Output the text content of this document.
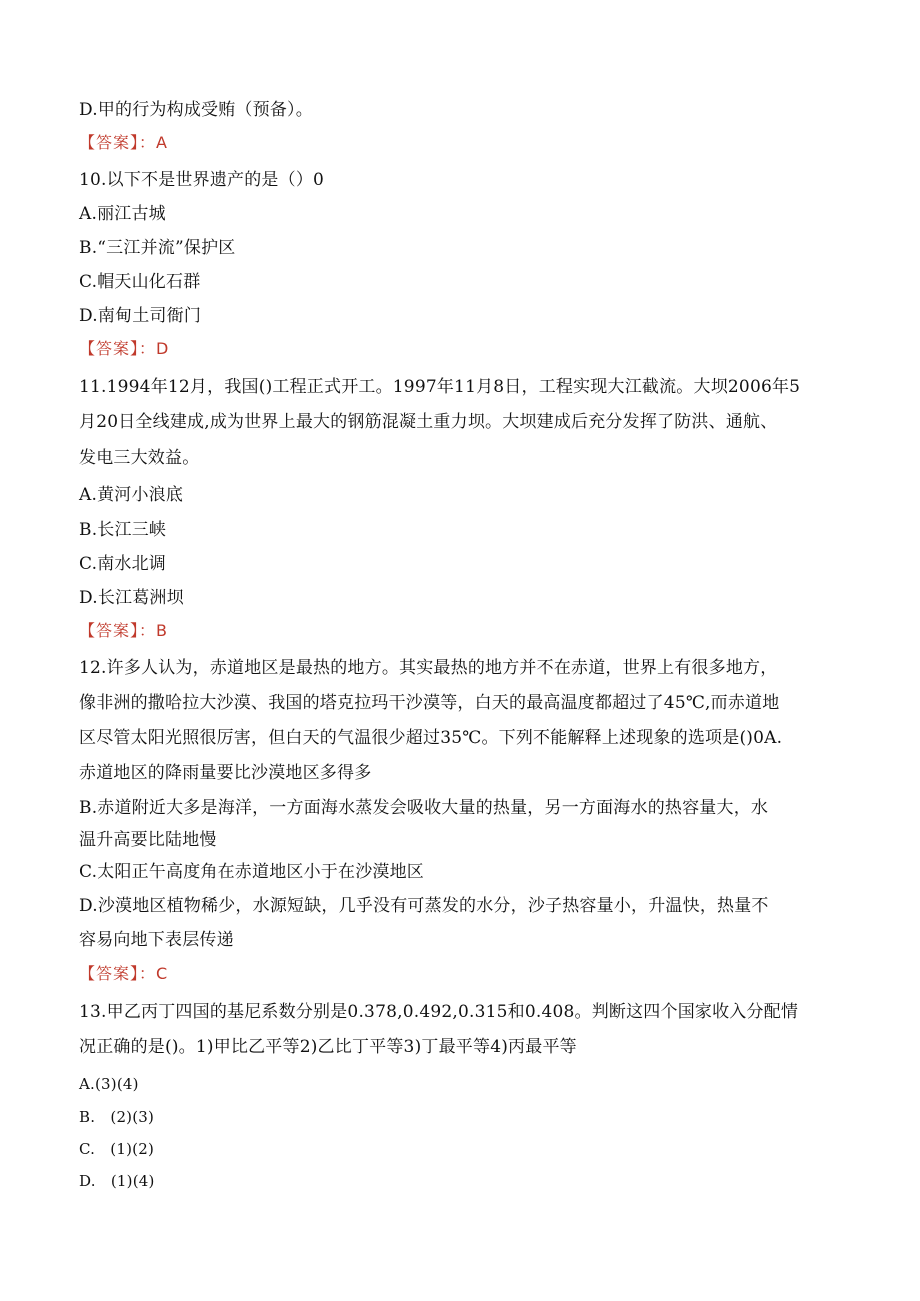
D.甲的行为构成受贿（预备）。
【答案】：A
10.以下不是世界遗产的是（）0
A.丽江古城
B.“三江并流”保护区
C.帽天山化石群
D.南甸土司衙门
【答案】：D
11.1994年12月，我国()工程正式开工。1997年11月8日，工程实现大江截流。大坝2006年5
月20日全线建成,成为世界上最大的钢筋混凝土重力坝。大坝建成后充分发挥了防洪、通航、
发电三大效益。
A.黄河小浪底
B.长江三峡
C.南水北调
D.长江葛洲坝
【答案】：B
12.许多人认为，赤道地区是最热的地方。其实最热的地方并不在赤道，世界上有很多地方，
像非洲的撒哈拉大沙漠、我国的塔克拉玛干沙漠等，白天的最高温度都超过了45℃,而赤道地
区尽管太阳光照很厉害，但白天的气温很少超过35℃。下列不能解释上述现象的选项是()0A.
赤道地区的降雨量要比沙漠地区多得多
B.赤道附近大多是海洋，一方面海水蒸发会吸收大量的热量，另一方面海水的热容量大，水
温升高要比陆地慢
C.太阳正午高度角在赤道地区小于在沙漠地区
D.沙漠地区植物稀少，水源短缺，几乎没有可蒸发的水分，沙子热容量小，升温快，热量不
容易向地下表层传递
【答案】：C
13.甲乙丙丁四国的基尼系数分别是0.378,0.492,0.315和0.408。判断这四个国家收入分配情
况正确的是()。1)甲比乙平等2)乙比丁平等3)丁最平等4)丙最平等
A.(3)(4)
B.　(2)(3)
C.　(1)(2)
D.　(1)(4)
